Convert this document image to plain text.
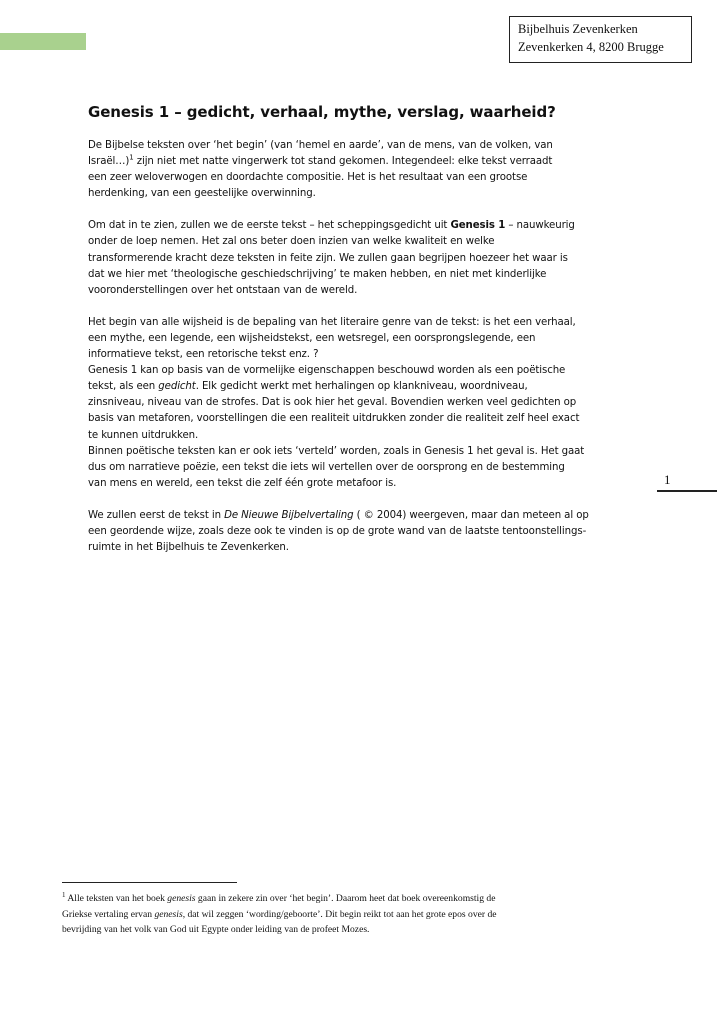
Bijbelhuis Zevenkerken
Zevenkerken 4, 8200 Brugge
Genesis 1 – gedicht, verhaal, mythe, verslag, waarheid?

De Bijbelse teksten over ‘het begin’ (van ‘hemel en aarde’, van de mens, van de volken, van
Israël…)$^1$ zijn niet met natte vingerwerk tot stand gekomen. Integendeel: elke tekst verraadt
een zeer weloverwogen en doordachte compositie. Het is het resultaat van een grootse
herdenking, van een geestelijke overwinning.

Om dat in te zien, zullen we de eerste tekst – het scheppingsgedicht uit Genesis 1 – nauwkeurig
onder de loep nemen. Het zal ons beter doen inzien van welke kwaliteit en welke
transformerende kracht deze teksten in feite zijn. We zullen gaan begrijpen hoezeer het waar is
dat we hier met ‘theologische geschiedschrijving’ te maken hebben, en niet met kinderlijke
vooronderstellingen over het ontstaan van de wereld.

Het begin van alle wijsheid is de bepaling van het literaire genre van de tekst: is het een verhaal,
een mythe, een legende, een wijsheidstekst, een wetsregel, een oorsprongslegende, een
informatieve tekst, een retorische tekst enz. ?
Genesis 1 kan op basis van de vormelijke eigenschappen beschouwd worden als een poëtische
tekst, als een gedicht. Elk gedicht werkt met herhalingen op klankniveau, woordniveau,
zinsniveau, niveau van de strofes. Dat is ook hier het geval. Bovendien werken veel gedichten op
basis van metaforen, voorstellingen die een realiteit uitdrukken zonder die realiteit zelf heel exact
te kunnen uitdrukken.
Binnen poëtische teksten kan er ook iets ‘verteld’ worden, zoals in Genesis 1 het geval is. Het gaat
dus om narratieve poëzie, een tekst die iets wil vertellen over de oorsprong en de bestemming
van mens en wereld, een tekst die zelf één grote metafoor is.

We zullen eerst de tekst in De Nieuwe Bijbelvertaling ( © 2004) weergeven, maar dan meteen al op
een geordende wijze, zoals deze ook te vinden is op de grote wand van de laatste tentoonstellings-
ruimte in het Bijbelhuis te Zevenkerken.

1
$^1$ Alle teksten van het boek genesis gaan in zekere zin over ‘het begin’. Daarom heet dat boek overeenkomstig de
Griekse vertaling ervan genesis, dat wil zeggen ‘wording/geboorte’. Dit begin reikt tot aan het grote epos over de
bevrijding van het volk van God uit Egypte onder leiding van de profeet Mozes.
